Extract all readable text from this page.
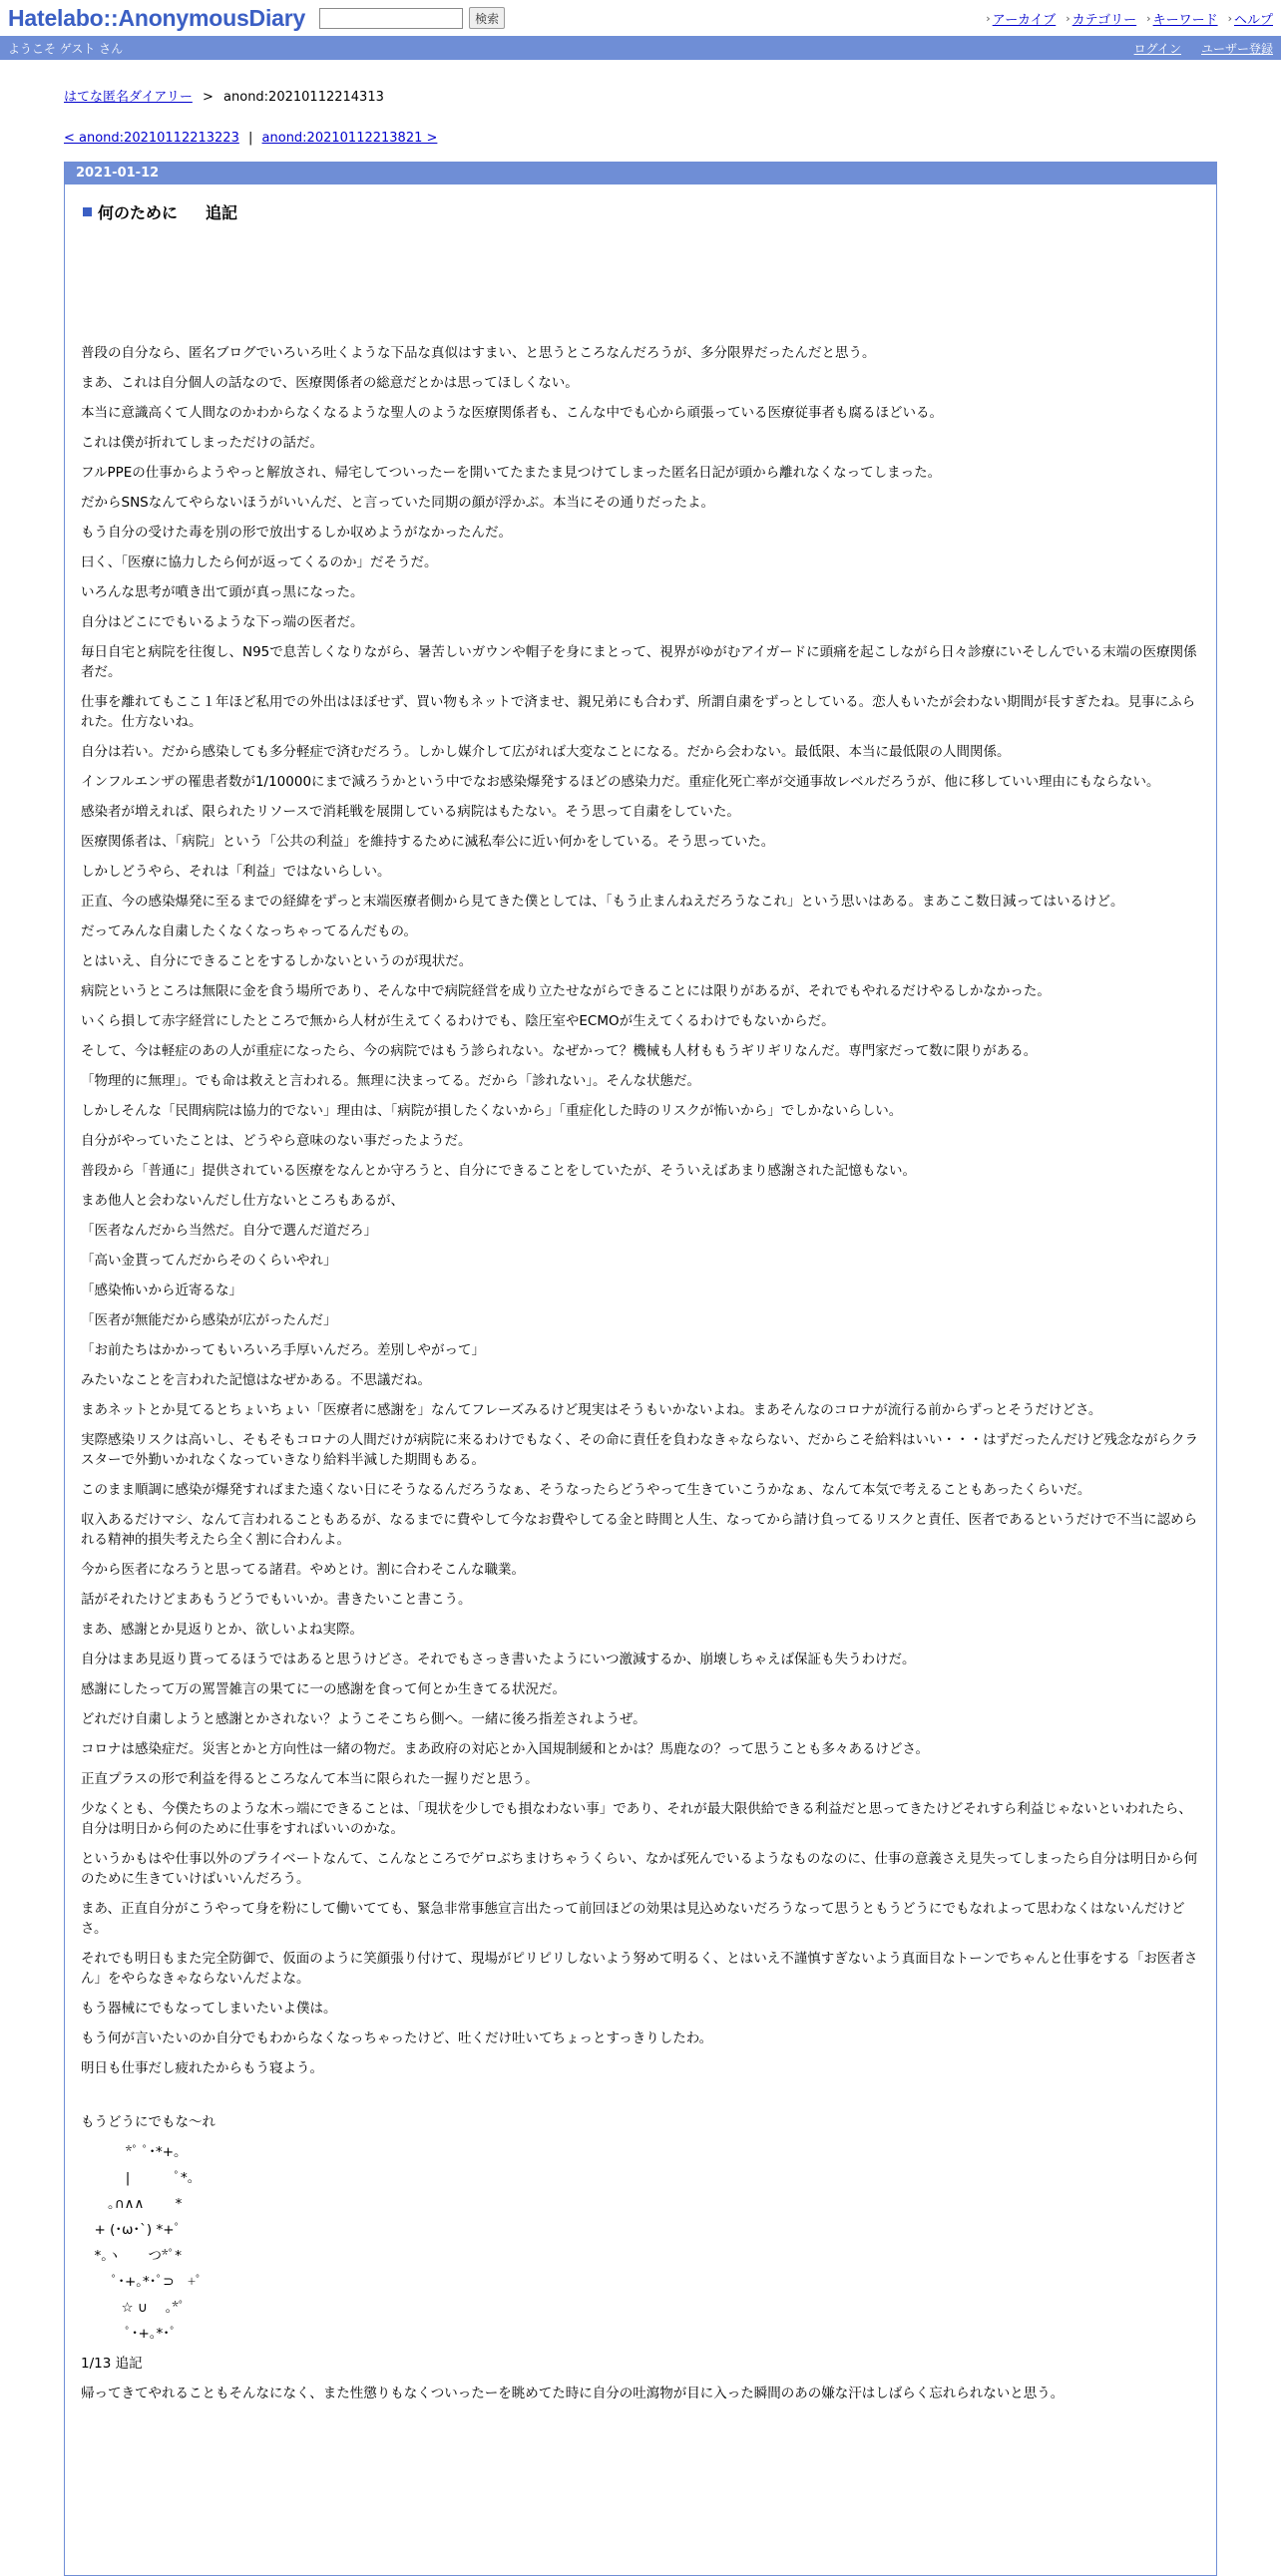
Hatelabo::AnonymousDiary	検索	› アーカイブ › カテゴリー › キーワード › ヘルプ
ようこそ ゲスト さん	ログイン ユーザー登録
はてな匿名ダイアリー > anond:20210112214313
< anond:20210112213223 | anond:20210112213821 >
2021-01-12
何のために 追記

普段の自分なら、匿名ブログでいろいろ吐くような下品な真似はすまい、と思うところなんだろうが、多分限界だったんだと思う。

まあ、これは自分個人の話なので、医療関係者の総意だとかは思ってほしくない。

本当に意識高くて人間なのかわからなくなるような聖人のような医療関係者も、こんな中でも心から頑張っている医療従事者も腐るほどいる。

これは僕が折れてしまっただけの話だ。

フルPPEの仕事からようやっと解放され、帰宅してついったーを開いてたまたま見つけてしまった匿名日記が頭から離れなくなってしまった。

だからSNSなんてやらないほうがいいんだ、と言っていた同期の顔が浮かぶ。本当にその通りだったよ。

もう自分の受けた毒を別の形で放出するしか収めようがなかったんだ。

曰く、「医療に協力したら何が返ってくるのか」だそうだ。

いろんな思考が噴き出て頭が真っ黒になった。

自分はどこにでもいるような下っ端の医者だ。

毎日自宅と病院を往復し、N95で息苦しくなりながら、暑苦しいガウンや帽子を身にまとって、視界がゆがむアイガードに頭痛を起こしながら日々診療にいそしんでいる末端の医療関係者だ。

仕事を離れてもここ１年ほど私用での外出はほぼせず、買い物もネットで済ませ、親兄弟にも合わず、所謂自粛をずっとしている。恋人もいたが会わない期間が長すぎたね。見事にふられた。仕方ないね。

自分は若い。だから感染しても多分軽症で済むだろう。しかし媒介して広がれば大変なことになる。だから会わない。最低限、本当に最低限の人間関係。

インフルエンザの罹患者数が1/10000にまで減ろうかという中でなお感染爆発するほどの感染力だ。重症化死亡率が交通事故レベルだろうが、他に移していい理由にもならない。

感染者が増えれば、限られたリソースで消耗戦を展開している病院はもたない。そう思って自粛をしていた。

医療関係者は、「病院」という「公共の利益」を維持するために滅私奉公に近い何かをしている。そう思っていた。

しかしどうやら、それは「利益」ではないらしい。

正直、今の感染爆発に至るまでの経緯をずっと末端医療者側から見てきた僕としては、「もう止まんねえだろうなこれ」という思いはある。まあここ数日減ってはいるけど。

だってみんな自粛したくなくなっちゃってるんだもの。

とはいえ、自分にできることをするしかないというのが現状だ。

病院というところは無限に金を食う場所であり、そんな中で病院経営を成り立たせながらできることには限りがあるが、それでもやれるだけやるしかなかった。

いくら損して赤字経営にしたところで無から人材が生えてくるわけでも、陰圧室やECMOが生えてくるわけでもないからだ。

そして、今は軽症のあの人が重症になったら、今の病院ではもう診られない。なぜかって？機械も人材ももうギリギリなんだ。専門家だって数に限りがある。

「物理的に無理」。でも命は救えと言われる。無理に決まってる。だから「診れない」。そんな状態だ。

しかしそんな「民間病院は協力的でない」理由は、「病院が損したくないから」「重症化した時のリスクが怖いから」でしかないらしい。

自分がやっていたことは、どうやら意味のない事だったようだ。

普段から「普通に」提供されている医療をなんとか守ろうと、自分にできることをしていたが、そういえばあまり感謝された記憶もない。

まあ他人と会わないんだし仕方ないところもあるが、

「医者なんだから当然だ。自分で選んだ道だろ」

「高い金貰ってんだからそのくらいやれ」

「感染怖いから近寄るな」

「医者が無能だから感染が広がったんだ」

「お前たちはかかってもいろいろ手厚いんだろ。差別しやがって」

みたいなことを言われた記憶はなぜかある。不思議だね。

まあネットとか見てるとちょいちょい「医療者に感謝を」なんてフレーズみるけど現実はそうもいかないよね。まあそんなのコロナが流行る前からずっとそうだけどさ。

実際感染リスクは高いし、そもそもコロナの人間だけが病院に来るわけでもなく、その命に責任を負わなきゃならない、だからこそ給料はいい・・・はずだったんだけど残念ながらクラスターで外勤いかれなくなっていきなり給料半減した期間もある。

このまま順調に感染が爆発すればまた遠くない日にそうなるんだろうなぁ、そうなったらどうやって生きていこうかなぁ、なんて本気で考えることもあったくらいだ。

収入あるだけマシ、なんて言われることもあるが、なるまでに費やして今なお費やしてる金と時間と人生、なってから請け負ってるリスクと責任、医者であるというだけで不当に認められる精神的損失考えたら全く割に合わんよ。

今から医者になろうと思ってる諸君。やめとけ。割に合わそこんな職業。

話がそれたけどまあもうどうでもいいか。書きたいこと書こう。

まあ、感謝とか見返りとか、欲しいよね実際。

自分はまあ見返り貰ってるほうではあると思うけどさ。それでもさっき書いたようにいつ激減するか、崩壊しちゃえば保証も失うわけだ。

感謝にしたって万の罵詈雑言の果てに一の感謝を食って何とか生きてる状況だ。

どれだけ自粛しようと感謝とかされない？ようこそこちら側へ。一緒に後ろ指差されようぜ。

コロナは感染症だ。災害とかと方向性は一緒の物だ。まあ政府の対応とか入国規制緩和とかは？馬鹿なの？って思うことも多々あるけどさ。

正直プラスの形で利益を得るところなんて本当に限られた一握りだと思う。

少なくとも、今僕たちのような木っ端にできることは、「現状を少しでも損なわない事」であり、それが最大限供給できる利益だと思ってきたけどそれすら利益じゃないといわれたら、自分は明日から何のために仕事をすればいいのかな。

というかもはや仕事以外のプライベートなんて、こんなところでゲロぶちまけちゃうくらい、なかば死んでいるようなものなのに、仕事の意義さえ見失ってしまったら自分は明日から何のために生きていけばいいんだろう。

まあ、正直自分がこうやって身を粉にして働いてても、緊急非常事態宣言出たって前回ほどの効果は見込めないだろうなって思うともうどうにでもなれよって思わなくはないんだけどさ。

それでも明日もまた完全防御で、仮面のように笑顔張り付けて、現場がピリピリしないよう努めて明るく、とはいえ不謹慎すぎないよう真面目なトーンでちゃんと仕事をする「お医者さん」をやらなきゃならないんだよな。

もう器械にでもなってしまいたいよ僕は。

もう何が言いたいのか自分でもわからなくなっちゃったけど、吐くだけ吐いてちょっとすっきりしたわ。

明日も仕事だし疲れたからもう寝よう。

もうどうにでもな～れ
　　　 *ﾟ ﾟ･*+｡
　　　 |　　　 ﾟ*｡
　　｡∩∧∧　　 *
　+ (･ω･`) *+ﾟ
　*｡ヽ　　つ*ﾟ*
　　 ﾟ･+｡*･ﾟ⊃　+ﾟ
　　　☆ ∪　 ｡*ﾟ
　　　 ﾟ･+｡*･ﾟ
1/13 追記
帰ってきてやれることもそんなになく、また性懲りもなくついったーを眺めてた時に自分の吐瀉物が目に入った瞬間のあの嫌な汗はしばらく忘れられないと思う。
